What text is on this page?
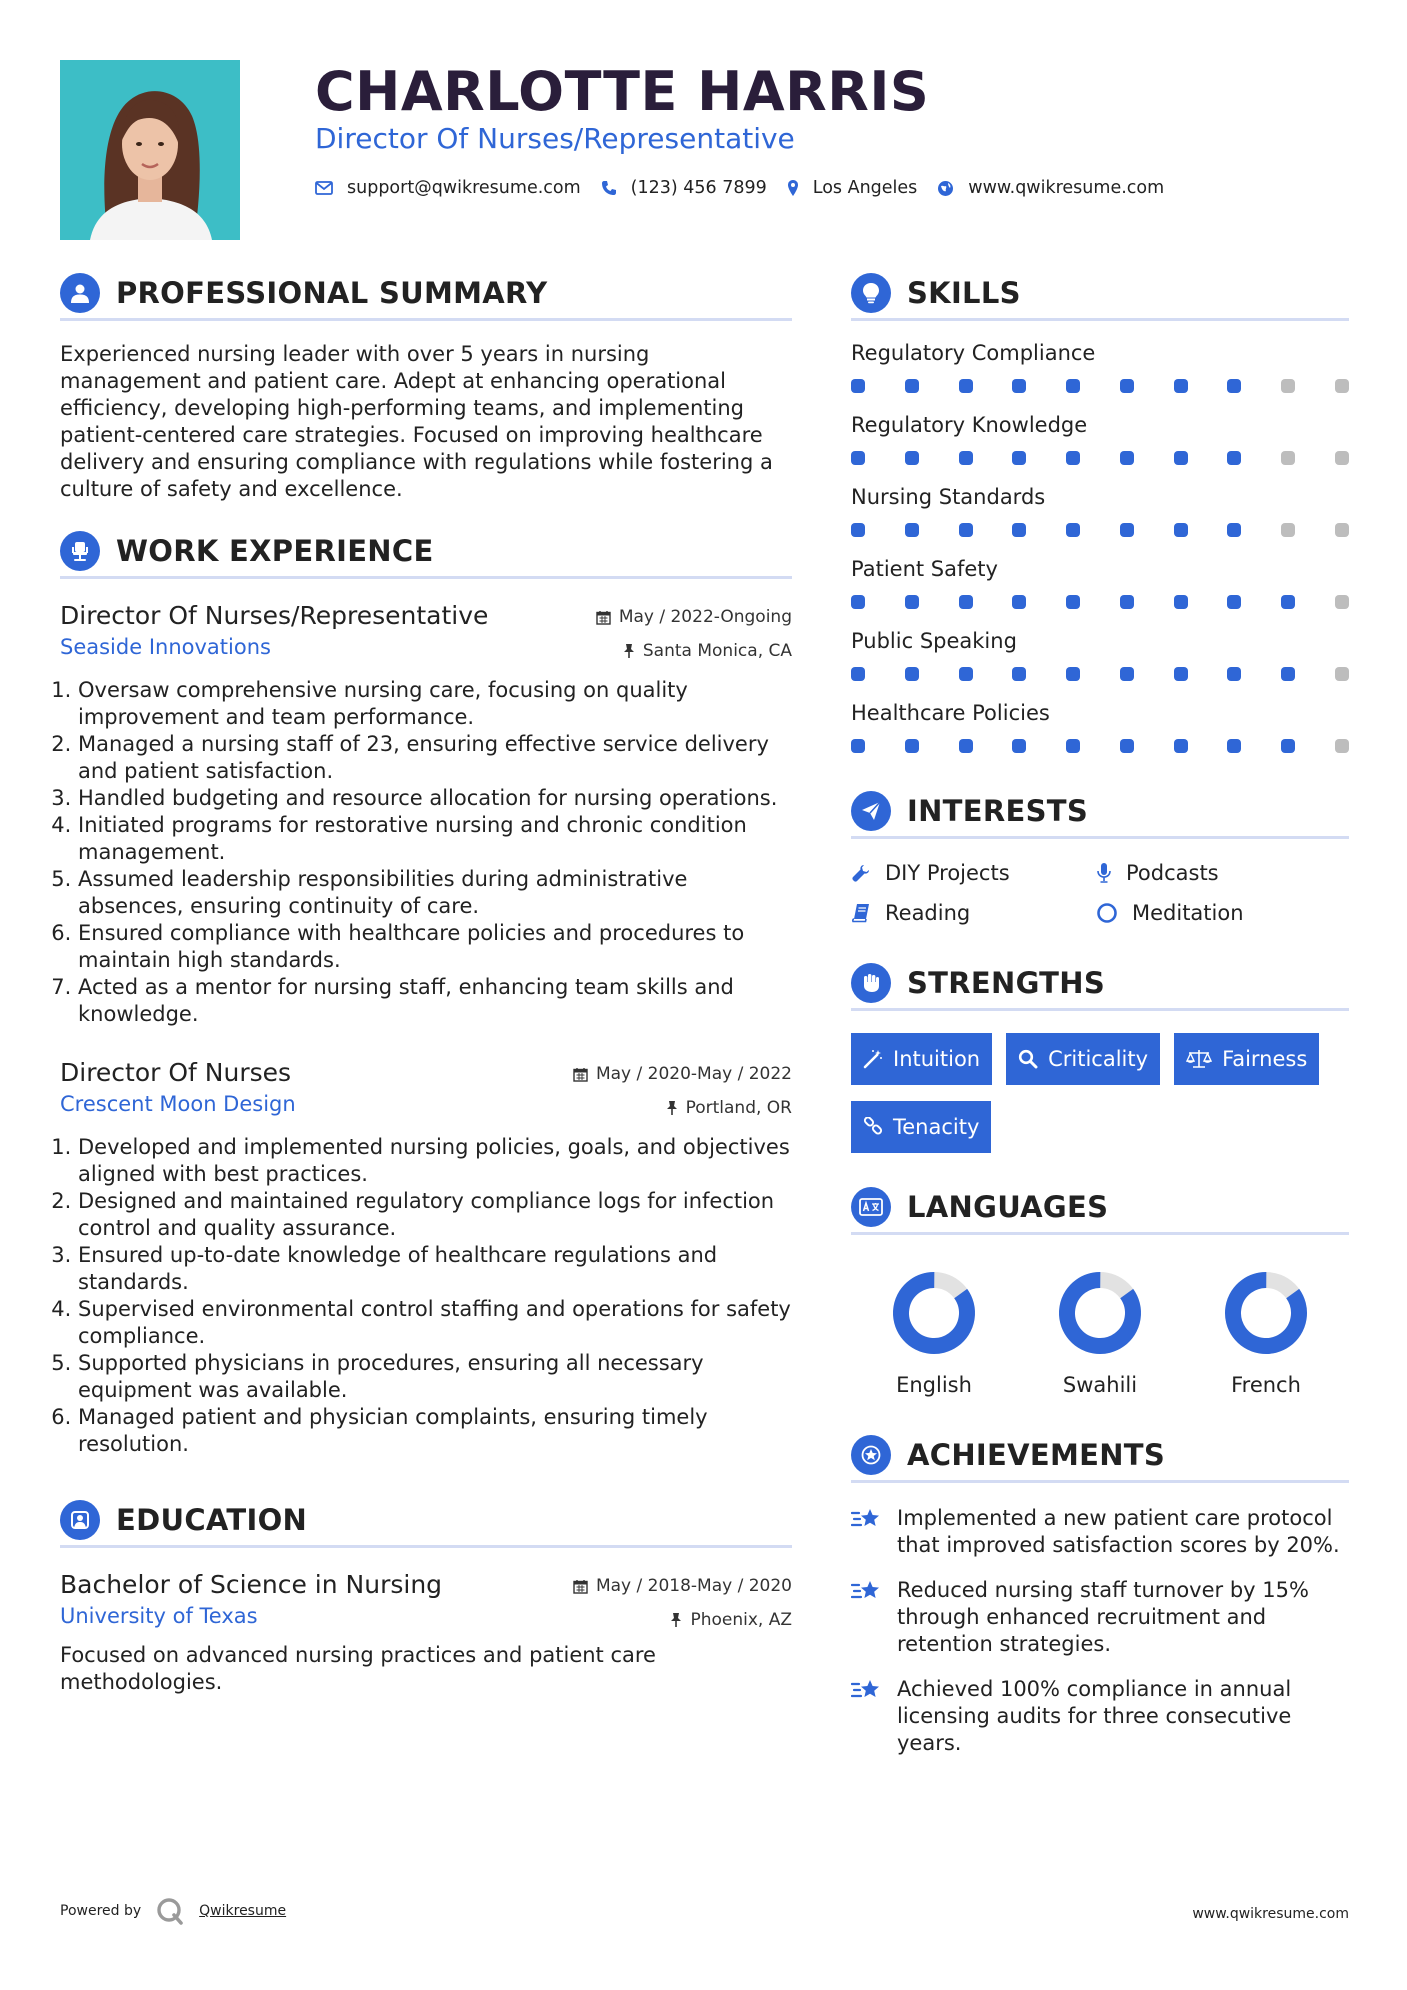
CHARLOTTE HARRIS
Director Of Nurses/Representative
support@qwikresume.com	(123) 456 7899	Los Angeles	www.qwikresume.com
PROFESSIONAL SUMMARY

Experienced nursing leader with over 5 years in nursing management and patient care. Adept at enhancing operational efficiency, developing high-performing teams, and implementing patient-centered care strategies. Focused on improving healthcare delivery and ensuring compliance with regulations while fostering a culture of safety and excellence.

WORK EXPERIENCE
Director Of Nurses/Representative
Seaside Innovations
May / 2022-Ongoing
Santa Monica, CA
1. Oversaw comprehensive nursing care, focusing on quality improvement and team performance.
2. Managed a nursing staff of 23, ensuring effective service delivery and patient satisfaction.
3. Handled budgeting and resource allocation for nursing operations.
4. Initiated programs for restorative nursing and chronic condition management.
5. Assumed leadership responsibilities during administrative absences, ensuring continuity of care.
6. Ensured compliance with healthcare policies and procedures to maintain high standards.
7. Acted as a mentor for nursing staff, enhancing team skills and knowledge.
Director Of Nurses
Crescent Moon Design
May / 2020-May / 2022
Portland, OR
1. Developed and implemented nursing policies, goals, and objectives aligned with best practices.
2. Designed and maintained regulatory compliance logs for infection control and quality assurance.
3. Ensured up-to-date knowledge of healthcare regulations and standards.
4. Supervised environmental control staffing and operations for safety compliance.
5. Supported physicians in procedures, ensuring all necessary equipment was available.
6. Managed patient and physician complaints, ensuring timely resolution.
EDUCATION
Bachelor of Science in Nursing
University of Texas
May / 2018-May / 2020
Phoenix, AZ

Focused on advanced nursing practices and patient care methodologies.

SKILLS
Regulatory Compliance
Regulatory Knowledge
Nursing Standards
Patient Safety
Public Speaking
Healthcare Policies
INTERESTS
DIY Projects	Podcasts
Reading	Meditation
STRENGTHS
Intuition	Criticality	Fairness
Tenacity
LANGUAGES
English	Swahili	French
ACHIEVEMENTS
Implemented a new patient care protocol that improved satisfaction scores by 20%.
Reduced nursing staff turnover by 15% through enhanced recruitment and retention strategies.
Achieved 100% compliance in annual licensing audits for three consecutive years.
Powered by	Qwikresume	www.qwikresume.com
